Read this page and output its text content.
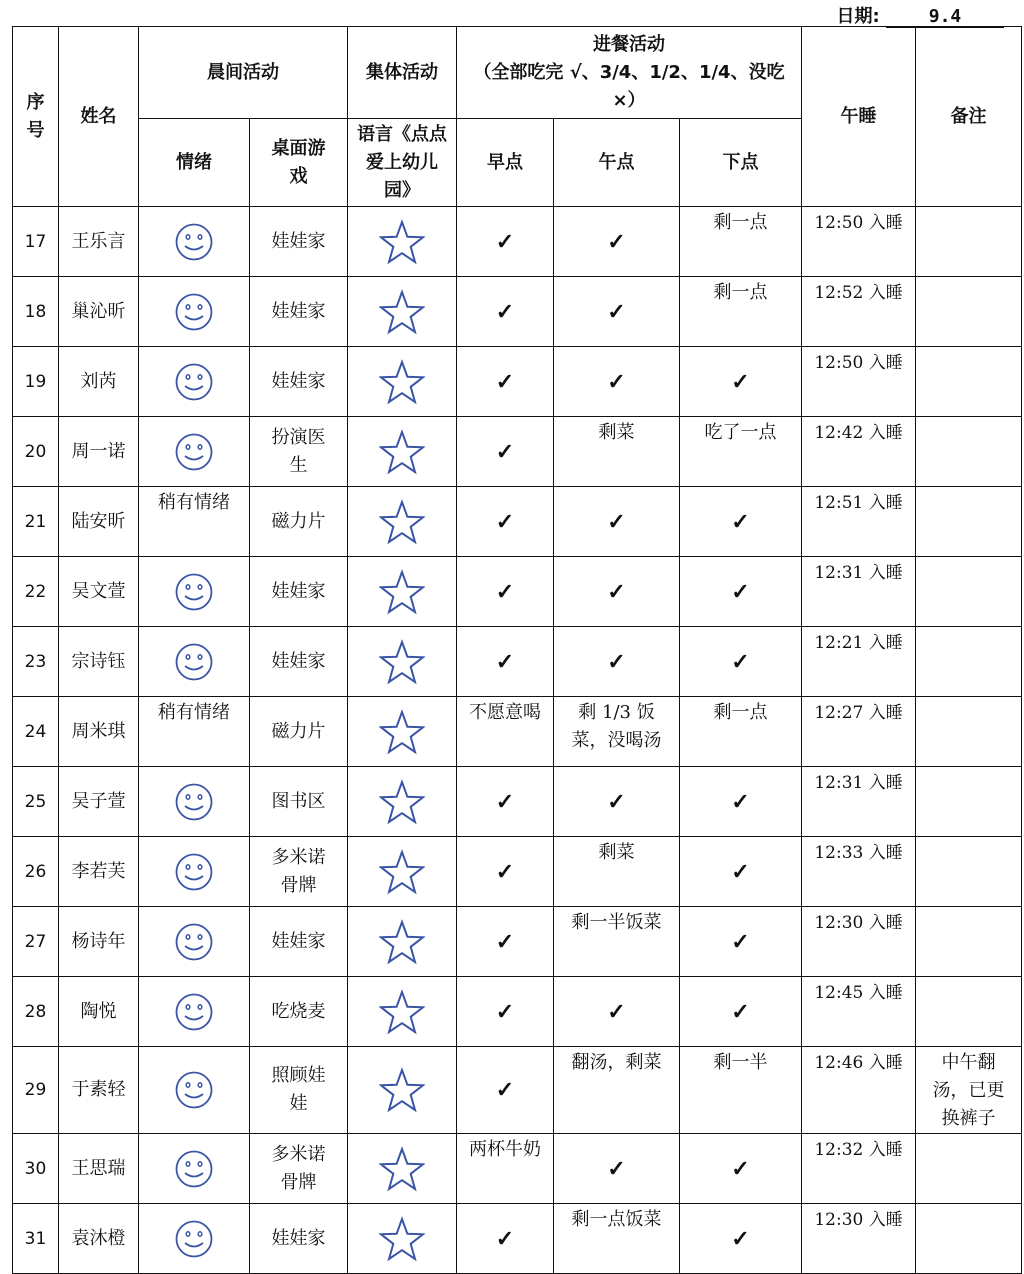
日期:	9.4
序号	姓名	晨间活动		集体活动	进餐活动
（全部吃完 √、3/4、1/2、1/4、没吃×）			午睡	备注
		情绪	桌面游戏	语言《点点爱上幼儿园》	早点	午点	下点		
17	王乐言		娃娃家		✓	✓	剩一点	12:50 入睡	
18	巢沁昕		娃娃家		✓	✓	剩一点	12:52 入睡	
19	刘芮		娃娃家		✓	✓	✓	12:50 入睡	
20	周一诺		扮演医生		✓	剩菜	吃了一点	12:42 入睡	
21	陆安昕	稍有情绪	磁力片		✓	✓	✓	12:51 入睡	
22	吴文萱		娃娃家		✓	✓	✓	12:31 入睡	
23	宗诗钰		娃娃家		✓	✓	✓	12:21 入睡	
24	周米琪	稍有情绪	磁力片		不愿意喝	剩 1/3 饭菜，没喝汤	剩一点	12:27 入睡	
25	吴子萱		图书区		✓	✓	✓	12:31 入睡	
26	李若芙		多米诺骨牌		✓	剩菜	✓	12:33 入睡	
27	杨诗年		娃娃家		✓	剩一半饭菜	✓	12:30 入睡	
28	陶悦		吃烧麦		✓	✓	✓	12:45 入睡	
29	于素轻		照顾娃娃		✓	翻汤，剩菜	剩一半	12:46 入睡	中午翻汤，已更换裤子
30	王思瑞		多米诺骨牌		两杯牛奶	✓	✓	12:32 入睡	
31	袁沐橙		娃娃家		✓	剩一点饭菜	✓	12:30 入睡	
